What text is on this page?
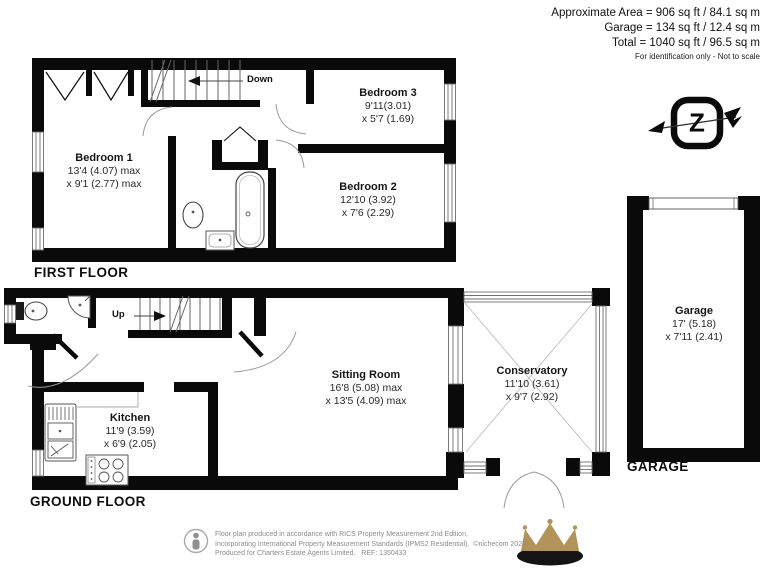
Approximate Area = 906 sq ft / 84.1 sq m
Garage = 134 sq ft / 12.4 sq m
Total = 1040 sq ft / 96.5 sq m
For identification only - Not to scale
Z
Down
Up
Bedroom 1
13'4 (4.07) max
x 9'1 (2.77) max
Bedroom 3
9'11(3.01)
x 5'7 (1.69)
Bedroom 2
12'10 (3.92)
x 7'6 (2.29)
FIRST FLOOR
Kitchen
11'9 (3.59)
x 6'9 (2.05)
Sitting Room
16'8 (5.08) max
x 13'5 (4.09) max
Conservatory
11'10 (3.61)
x 9'7 (2.92)
GROUND FLOOR
Garage
17' (5.18)
x 7'11 (2.41)
GARAGE
Floor plan produced in accordance with RICS Property Measurement 2nd Edition,
Incorporating International Property Measurement Standards (IPMS2 Residential).  ©nichecom 2025.
Produced for Charters Estate Agents Limited.   REF: 1350433
